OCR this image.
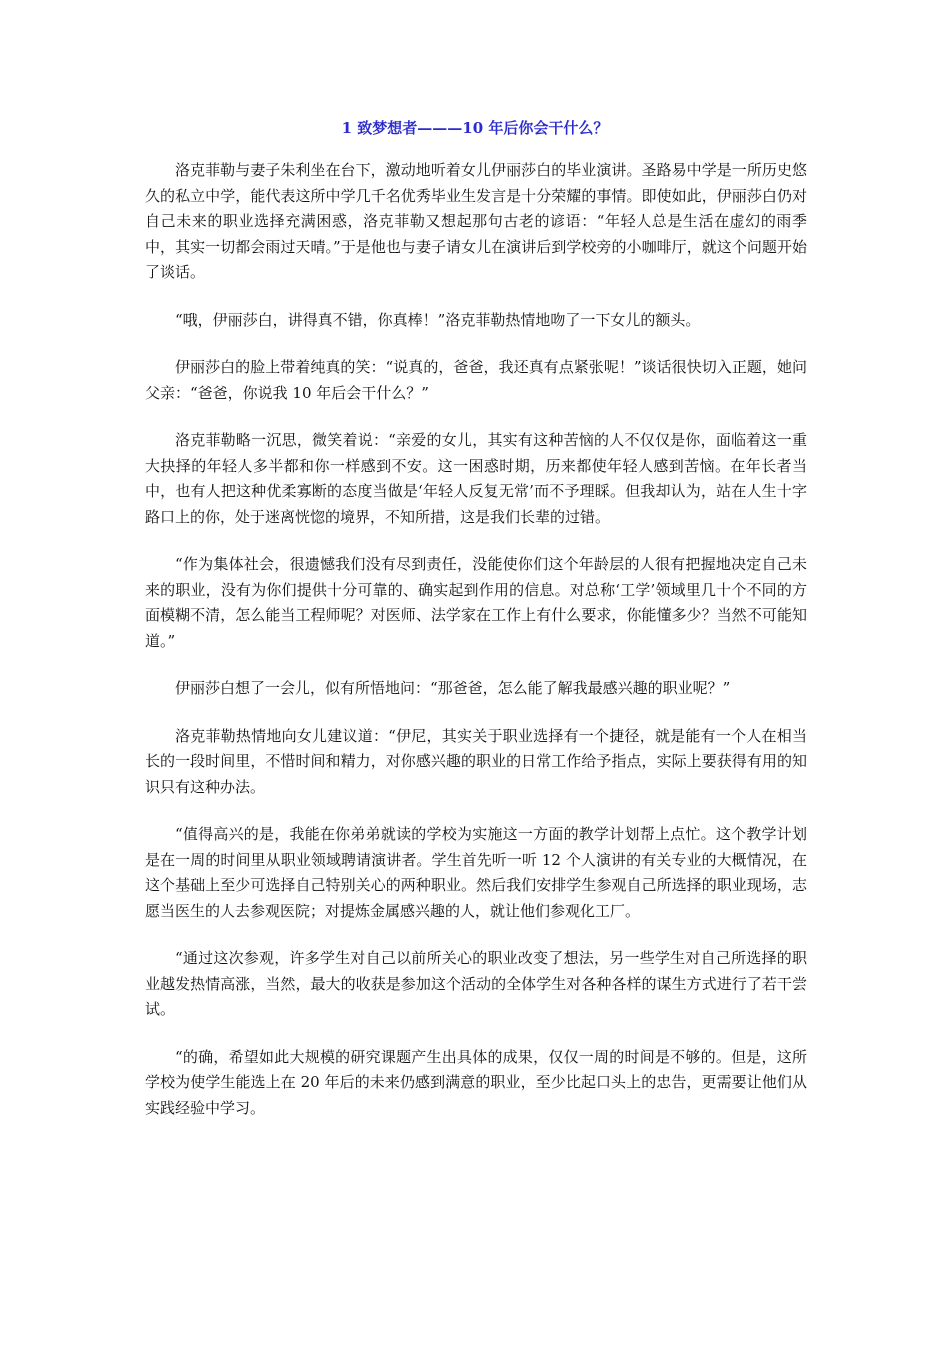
1 致梦想者———10 年后你会干什么？

洛克菲勒与妻子朱利坐在台下，激动地听着女儿伊丽莎白的毕业演讲。圣路易中学是一所历史悠久的私立中学，能代表这所中学几千名优秀毕业生发言是十分荣耀的事情。即使如此，伊丽莎白仍对自己未来的职业选择充满困惑，洛克菲勒又想起那句古老的谚语：“年轻人总是生活在虚幻的雨季中，其实一切都会雨过天晴。”于是他也与妻子请女儿在演讲后到学校旁的小咖啡厅，就这个问题开始了谈话。

“哦，伊丽莎白，讲得真不错，你真棒！”洛克菲勒热情地吻了一下女儿的额头。

伊丽莎白的脸上带着纯真的笑：“说真的，爸爸，我还真有点紧张呢！”谈话很快切入正题，她问父亲：“爸爸，你说我 10 年后会干什么？”

洛克菲勒略一沉思，微笑着说：“亲爱的女儿，其实有这种苦恼的人不仅仅是你，面临着这一重大抉择的年轻人多半都和你一样感到不安。这一困惑时期，历来都使年轻人感到苦恼。在年长者当中，也有人把这种优柔寡断的态度当做是‘年轻人反复无常’而不予理睬。但我却认为，站在人生十字路口上的你，处于迷离恍惚的境界，不知所措，这是我们长辈的过错。

“作为集体社会，很遗憾我们没有尽到责任，没能使你们这个年龄层的人很有把握地决定自己未来的职业，没有为你们提供十分可靠的、确实起到作用的信息。对总称‘工学’领域里几十个不同的方面模糊不清，怎么能当工程师呢？对医师、法学家在工作上有什么要求，你能懂多少？当然不可能知道。”

伊丽莎白想了一会儿，似有所悟地问：“那爸爸，怎么能了解我最感兴趣的职业呢？”

洛克菲勒热情地向女儿建议道：“伊尼，其实关于职业选择有一个捷径，就是能有一个人在相当长的一段时间里，不惜时间和精力，对你感兴趣的职业的日常工作给予指点，实际上要获得有用的知识只有这种办法。

“值得高兴的是，我能在你弟弟就读的学校为实施这一方面的教学计划帮上点忙。这个教学计划是在一周的时间里从职业领域聘请演讲者。学生首先听一听 12 个人演讲的有关专业的大概情况，在这个基础上至少可选择自己特别关心的两种职业。然后我们安排学生参观自己所选择的职业现场，志愿当医生的人去参观医院；对提炼金属感兴趣的人，就让他们参观化工厂。

“通过这次参观，许多学生对自己以前所关心的职业改变了想法，另一些学生对自己所选择的职业越发热情高涨，当然，最大的收获是参加这个活动的全体学生对各种各样的谋生方式进行了若干尝试。

“的确，希望如此大规模的研究课题产生出具体的成果，仅仅一周的时间是不够的。但是，这所学校为使学生能选上在 20 年后的未来仍感到满意的职业，至少比起口头上的忠告，更需要让他们从实践经验中学习。
